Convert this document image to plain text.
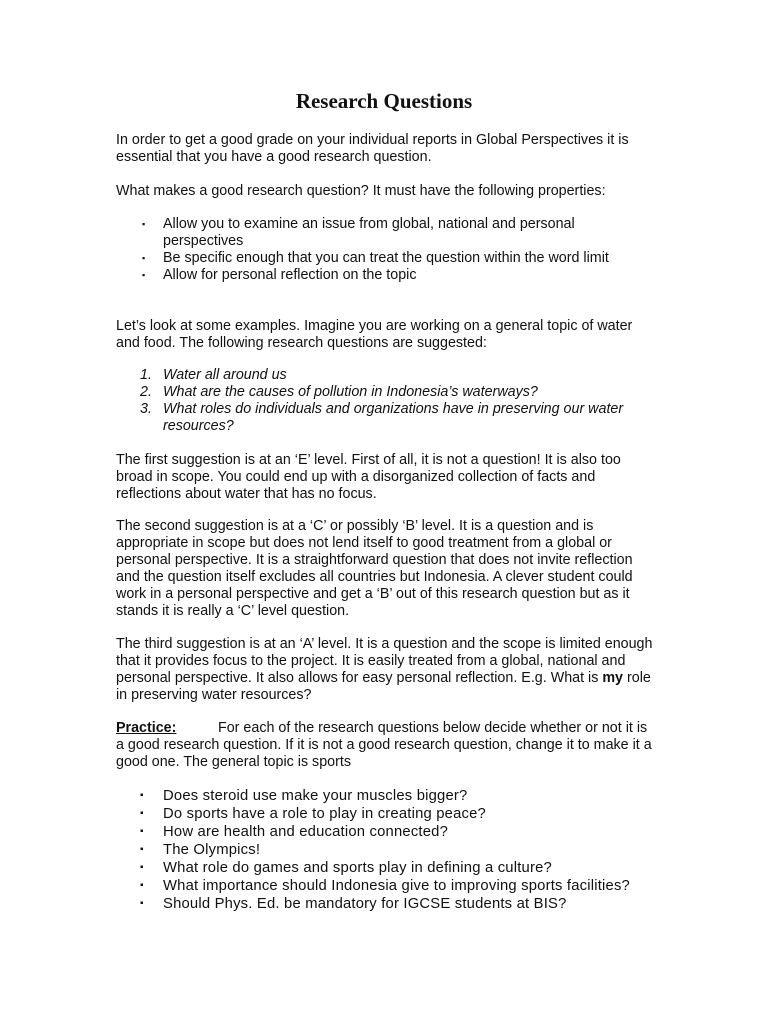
Research Questions

In order to get a good grade on your individual reports in Global Perspectives it is essential that you have a good research question.

What makes a good research question? It must have the following properties:

▪ Allow you to examine an issue from global, national and personal perspectives
▪ Be specific enough that you can treat the question within the word limit
▪ Allow for personal reflection on the topic

Let’s look at some examples. Imagine you are working on a general topic of water and food. The following research questions are suggested:

1. Water all around us
2. What are the causes of pollution in Indonesia’s waterways?
3. What roles do individuals and organizations have in preserving our water resources?

The first suggestion is at an ‘E’ level. First of all, it is not a question! It is also too broad in scope. You could end up with a disorganized collection of facts and reflections about water that has no focus.

The second suggestion is at a ‘C’ or possibly ‘B’ level. It is a question and is appropriate in scope but does not lend itself to good treatment from a global or personal perspective. It is a straightforward question that does not invite reflection and the question itself excludes all countries but Indonesia. A clever student could work in a personal perspective and get a ‘B’ out of this research question but as it stands it is really a ‘C’ level question.

The third suggestion is at an ‘A’ level. It is a question and the scope is limited enough that it provides focus to the project. It is easily treated from a global, national and personal perspective. It also allows for easy personal reflection. E.g. What is my role in preserving water resources?

Practice:	For each of the research questions below decide whether or not it is a good research question. If it is not a good research question, change it to make it a good one. The general topic is sports

▪ Does steroid use make your muscles bigger?
▪ Do sports have a role to play in creating peace?
▪ How are health and education connected?
▪ The Olympics!
▪ What role do games and sports play in defining a culture?
▪ What importance should Indonesia give to improving sports facilities?
▪ Should Phys. Ed. be mandatory for IGCSE students at BIS?
